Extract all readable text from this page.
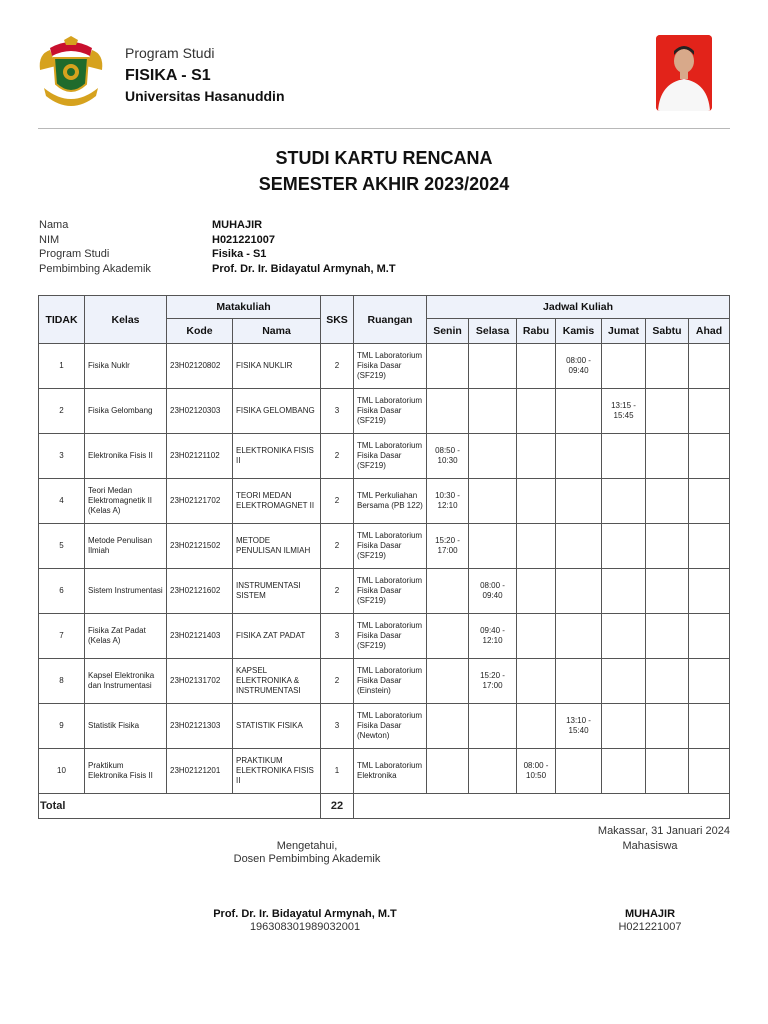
Program Studi
FISIKA - S1
Universitas Hasanuddin
STUDI KARTU RENCANA
SEMESTER AKHIR 2023/2024
Nama	MUHAJIR
NIM	H021221007
Program Studi	Fisika - S1
Pembimbing Akademik	Prof. Dr. Ir. Bidayatul Armynah, M.T
TIDAK	Kelas	Matakuliah		SKS	Ruangan	Jadwal Kuliah						
		Kode	Nama			Senin	Selasa	Rabu	Kamis	Jumat	Sabtu	Ahad
1	Fisika Nuklr	23H02120802	FISIKA NUKLIR	2	TML Laboratorium Fisika Dasar (SF219)				08:00 - 09:40			
2	Fisika Gelombang	23H02120303	FISIKA GELOMBANG	3	TML Laboratorium Fisika Dasar (SF219)					13:15 - 15:45		
3	Elektronika Fisis II	23H02121102	ELEKTRONIKA FISIS II	2	TML Laboratorium Fisika Dasar (SF219)	08:50 - 10:30						
4	Teori Medan Elektromagnetik II (Kelas A)	23H02121702	TEORI MEDAN ELEKTROMAGNET II	2	TML Perkuliahan Bersama (PB 122)	10:30 - 12:10						
5	Metode Penulisan Ilmiah	23H02121502	METODE PENULISAN ILMIAH	2	TML Laboratorium Fisika Dasar (SF219)	15:20 - 17:00						
6	Sistem Instrumentasi	23H02121602	INSTRUMENTASI SISTEM	2	TML Laboratorium Fisika Dasar (SF219)		08:00 - 09:40					
7	Fisika Zat Padat (Kelas A)	23H02121403	FISIKA ZAT PADAT	3	TML Laboratorium Fisika Dasar (SF219)		09:40 - 12:10					
8	Kapsel Elektronika dan Instrumentasi	23H02131702	KAPSEL ELEKTRONIKA & INSTRUMENTASI	2	TML Laboratorium Fisika Dasar (Einstein)		15:20 - 17:00					
9	Statistik Fisika	23H02121303	STATISTIK FISIKA	3	TML Laboratorium Fisika Dasar (Newton)				13:10 - 15:40			
10	Praktikum Elektronika Fisis II	23H02121201	PRAKTIKUM ELEKTRONIKA FISIS II	1	TML Laboratorium Elektronika			08:00 - 10:50				
Total				22								
Makassar, 31 Januari 2024
Mahasiswa
Mengetahui,
Dosen Pembimbing Akademik
Prof. Dr. Ir. Bidayatul Armynah, M.T
196308301989032001
MUHAJIR
H021221007
